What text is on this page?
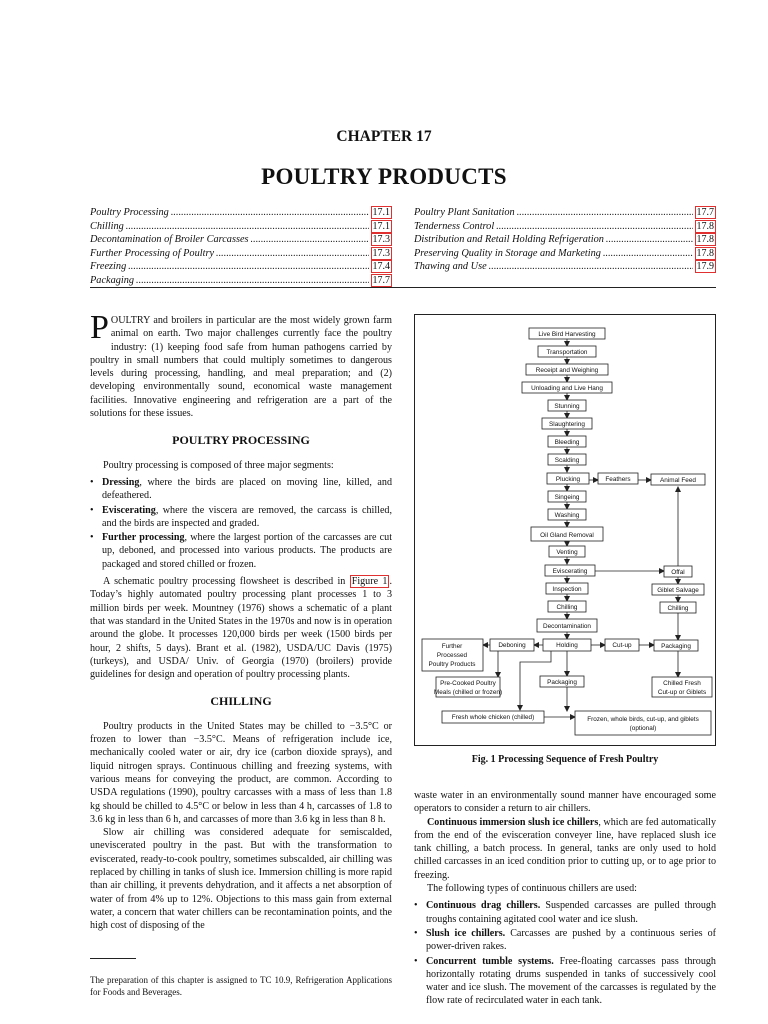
CHAPTER 17
POULTRY PRODUCTS
Poultry Processing .....	17.1
Chilling .....	17.1
Decontamination of Broiler Carcasses .....	17.3
Further Processing of Poultry .....	17.3
Freezing .....	17.4
Packaging .....	17.7
Poultry Plant Sanitation .....	17.7
Tenderness Control .....	17.8
Distribution and Retail Holding Refrigeration .....	17.8
Preserving Quality in Storage and Marketing .....	17.8
Thawing and Use .....	17.9

POULTRY and broilers in particular are the most widely grown farm animal on earth. Two major challenges currently face the poultry industry: (1) keeping food safe from human pathogens carried by poultry in small numbers that could multiply sometimes to dangerous levels during processing, handling, and meal preparation; and (2) developing environmentally sound, economical waste management facilities. Innovative engineering and refrigeration are a part of the solutions for these issues.

POULTRY PROCESSING

Poultry processing is composed of three major segments:

• Dressing, where the birds are placed on moving line, killed, and defeathered.
• Eviscerating, where the viscera are removed, the carcass is chilled, and the birds are inspected and graded.
• Further processing, where the largest portion of the carcasses are cut up, deboned, and processed into various products. The products are packaged and stored chilled or frozen.

A schematic poultry processing flowsheet is described in Figure 1 . Today’s highly automated poultry processing plant processes 1 to 3 million birds per week. Mountney (1976) shows a schematic of a plant that was standard in the United States in the 1970s and now is in operation around the globe. It processes 120,000 birds per week (1500 birds per hour, 2 shifts, 5 days). Brant et al. (1982), USDA/UC Davis (1975) (turkeys), and USDA/ Univ. of Georgia (1970) (broilers) provide guidelines for design and operation of poultry processing plants.

CHILLING

Poultry products in the United States may be chilled to −3.5°C or frozen to lower than −3.5°C. Means of refrigeration include ice, mechanically cooled water or air, dry ice (carbon dioxide sprays), and liquid nitrogen sprays. Continuous chilling and freezing systems, with various means for conveying the product, are common. According to USDA regulations (1990), poultry carcasses with a mass of less than 1.8 kg should be chilled to 4.5°C or below in less than 4 h, carcasses of 1.8 to 3.6 kg in less than 6 h, and carcasses of more than 3.6 kg in less than 8 h.

Slow air chilling was considered adequate for semiscalded, uneviscerated poultry in the past. But with the transformation to eviscerated, ready-to-cook poultry, sometimes subscalded, air chilling was replaced by chilling in tanks of slush ice. Immersion chilling is more rapid than air chilling, it prevents dehydration, and it affects a net absorption of water of from 4% up to 12%. Objections to this mass gain from external water, a concern that water chillers can be recontamination points, and the high cost of disposing of the

The preparation of this chapter is assigned to TC 10.9, Refrigeration Applications for Foods and Beverages.
Live Bird Harvesting
Transportation
Receipt and Weighing
Unloading and Live Hang
Stunning
Slaughtering
Bleeding
Scalding
Plucking	Feathers	Animal Feed
Singeing
Washing
Oil Gland Removal
Venting
Eviscerating	Offal
Inspection	Giblet Salvage
Chilling	Chilling
Decontamination
Further
Processed
Poultry Products
Deboning	Holding	Cut-up	Packaging
Pre-Cooked Poultry
Meals (chilled or frozen)
Packaging	Chilled Fresh
Cut-up or Giblets
Fresh whole chicken (chilled)	Frozen, whole birds, cut-up, and giblets
(optional)
Fig. 1 Processing Sequence of Fresh Poultry

waste water in an environmentally sound manner have encouraged some operators to consider a return to air chillers.

Continuous immersion slush ice chillers, which are fed automatically from the end of the evisceration conveyer line, have replaced slush ice tank chilling, a batch process. In general, tanks are only used to hold chilled carcasses in an iced condition prior to cutting up, or to age prior to freezing.

The following types of continuous chillers are used:

• Continuous drag chillers. Suspended carcasses are pulled through troughs containing agitated cool water and ice slush.
• Slush ice chillers. Carcasses are pushed by a continuous series of power-driven rakes.
• Concurrent tumble systems. Free-floating carcasses pass through horizontally rotating drums suspended in tanks of successively cool water and ice slush. The movement of the carcasses is regulated by the flow rate of recirculated water in each tank.
